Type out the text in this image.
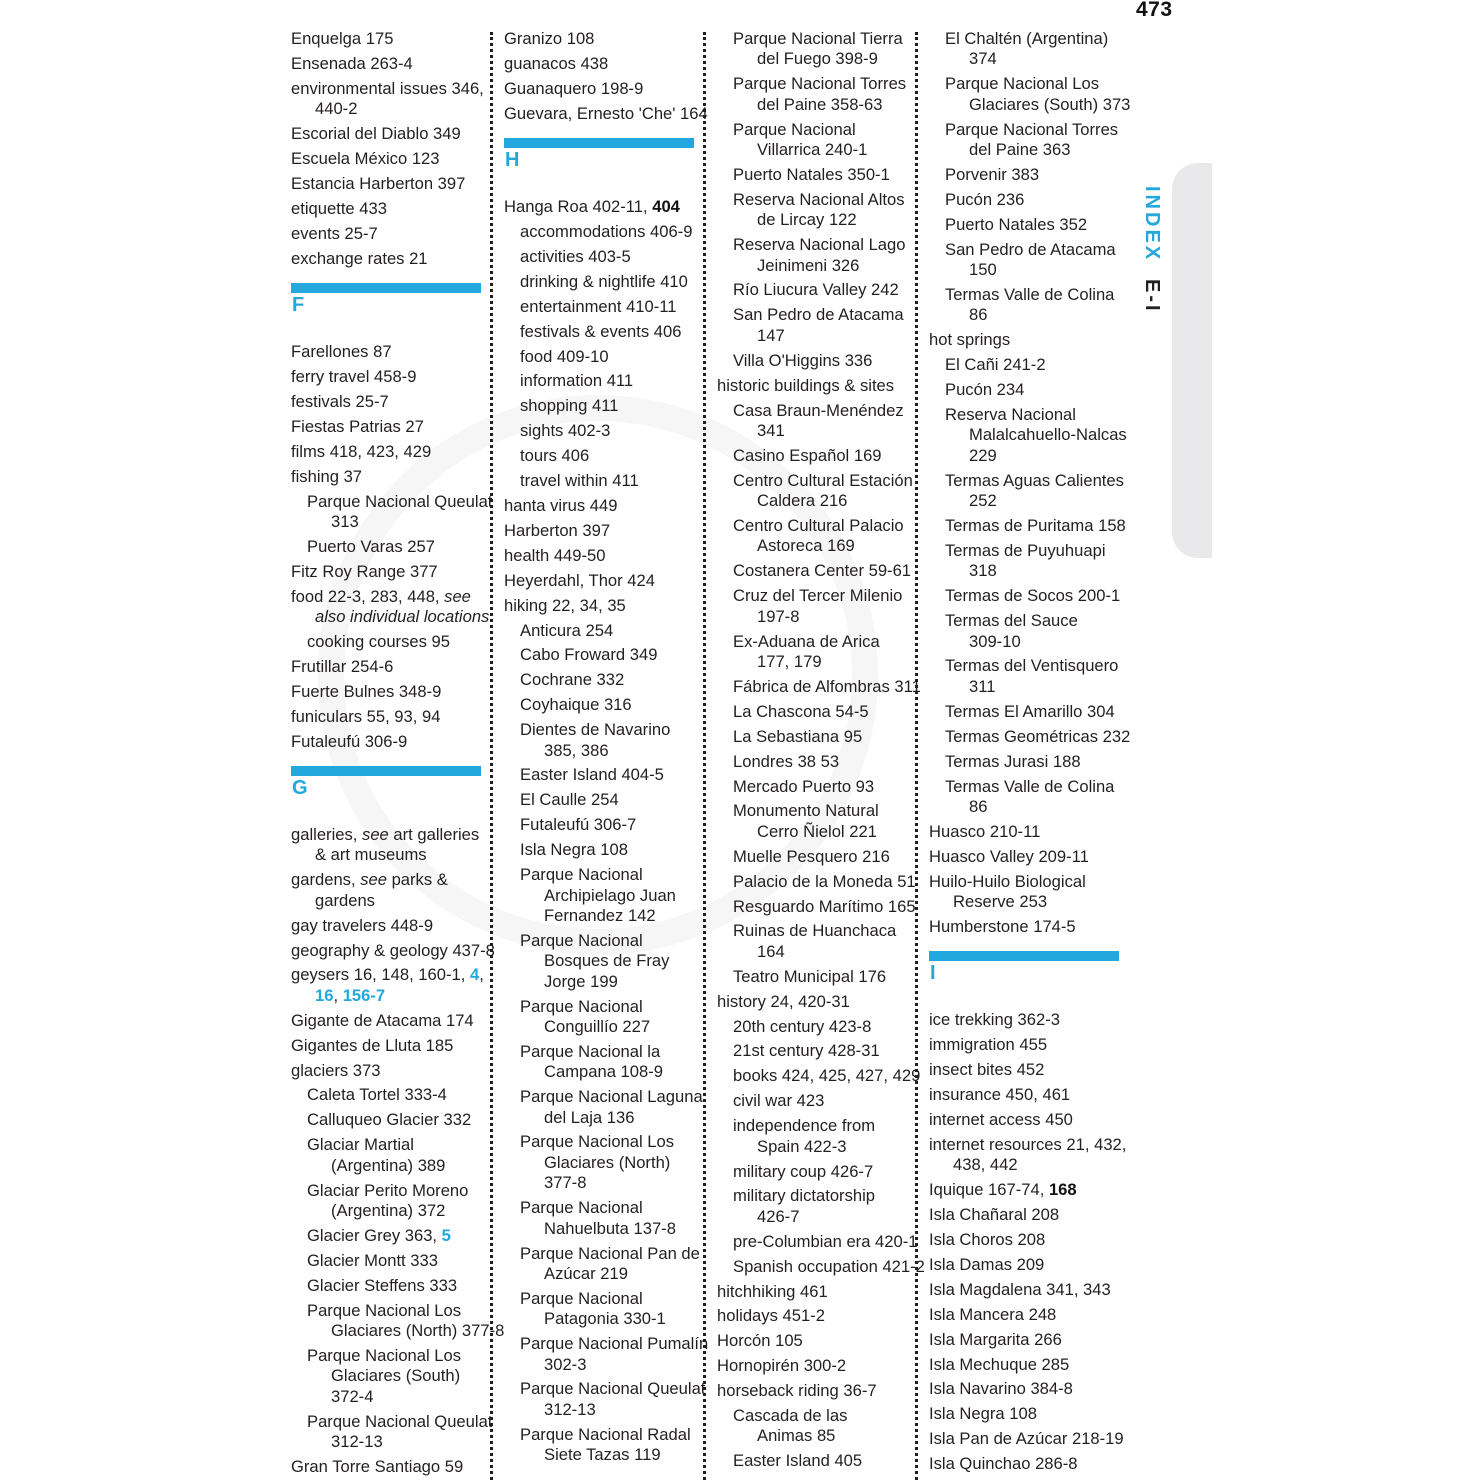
473
Enquelga 175
Ensenada 263-4
environmental issues 346,
440-2
Escorial del Diablo 349
Escuela México 123
Estancia Harberton 397
etiquette 433
events 25-7
exchange rates 21
F
Farellones 87
ferry travel 458-9
festivals 25-7
Fiestas Patrias 27
films 418, 423, 429
fishing 37
Parque Nacional Queulat
313
Puerto Varas 257
Fitz Roy Range 377
food 22-3, 283, 448, see
also individual locations
cooking courses 95
Frutillar 254-6
Fuerte Bulnes 348-9
funiculars 55, 93, 94
Futaleufú 306-9
G
galleries, see art galleries
& art museums
gardens, see parks &
gardens
gay travelers 448-9
geography & geology 437-8
geysers 16, 148, 160-1, 4,
16, 156-7
Gigante de Atacama 174
Gigantes de Lluta 185
glaciers 373
Caleta Tortel 333-4
Calluqueo Glacier 332
Glaciar Martial
(Argentina) 389
Glaciar Perito Moreno
(Argentina) 372
Glacier Grey 363, 5
Glacier Montt 333
Glacier Steffens 333
Parque Nacional Los
Glaciares (North) 377-8
Parque Nacional Los
Glaciares (South)
372-4
Parque Nacional Queulat
312-13
Gran Torre Santiago 59
Granizo 108
guanacos 438
Guanaquero 198-9
Guevara, Ernesto 'Che' 164
H
Hanga Roa 402-11, 404
accommodations 406-9
activities 403-5
drinking & nightlife 410
entertainment 410-11
festivals & events 406
food 409-10
information 411
shopping 411
sights 402-3
tours 406
travel within 411
hanta virus 449
Harberton 397
health 449-50
Heyerdahl, Thor 424
hiking 22, 34, 35
Anticura 254
Cabo Froward 349
Cochrane 332
Coyhaique 316
Dientes de Navarino
385, 386
Easter Island 404-5
El Caulle 254
Futaleufú 306-7
Isla Negra 108
Parque Nacional
Archipielago Juan
Fernandez 142
Parque Nacional
Bosques de Fray
Jorge 199
Parque Nacional
Conguillío 227
Parque Nacional la
Campana 108-9
Parque Nacional Laguna
del Laja 136
Parque Nacional Los
Glaciares (North)
377-8
Parque Nacional
Nahuelbuta 137-8
Parque Nacional Pan de
Azúcar 219
Parque Nacional
Patagonia 330-1
Parque Nacional Pumalín
302-3
Parque Nacional Queulat
312-13
Parque Nacional Radal
Siete Tazas 119
Parque Nacional Tierra
del Fuego 398-9
Parque Nacional Torres
del Paine 358-63
Parque Nacional
Villarrica 240-1
Puerto Natales 350-1
Reserva Nacional Altos
de Lircay 122
Reserva Nacional Lago
Jeinimeni 326
Río Liucura Valley 242
San Pedro de Atacama
147
Villa O'Higgins 336
historic buildings & sites
Casa Braun-Menéndez
341
Casino Español 169
Centro Cultural Estación
Caldera 216
Centro Cultural Palacio
Astoreca 169
Costanera Center 59-61
Cruz del Tercer Milenio
197-8
Ex-Aduana de Arica
177, 179
Fábrica de Alfombras 311
La Chascona 54-5
La Sebastiana 95
Londres 38 53
Mercado Puerto 93
Monumento Natural
Cerro Ñielol 221
Muelle Pesquero 216
Palacio de la Moneda 51
Resguardo Marítimo 165
Ruinas de Huanchaca
164
Teatro Municipal 176
history 24, 420-31
20th century 423-8
21st century 428-31
books 424, 425, 427, 429
civil war 423
independence from
Spain 422-3
military coup 426-7
military dictatorship
426-7
pre-Columbian era 420-1
Spanish occupation 421-2
hitchhiking 461
holidays 451-2
Horcón 105
Hornopirén 300-2
horseback riding 36-7
Cascada de las
Animas 85
Easter Island 405
El Chaltén (Argentina)
374
Parque Nacional Los
Glaciares (South) 373
Parque Nacional Torres
del Paine 363
Porvenir 383
Pucón 236
Puerto Natales 352
San Pedro de Atacama
150
Termas Valle de Colina
86
hot springs
El Cañi 241-2
Pucón 234
Reserva Nacional
Malalcahuello-Nalcas
229
Termas Aguas Calientes
252
Termas de Puritama 158
Termas de Puyuhuapi
318
Termas de Socos 200-1
Termas del Sauce
309-10
Termas del Ventisquero
311
Termas El Amarillo 304
Termas Geométricas 232
Termas Jurasi 188
Termas Valle de Colina
86
Huasco 210-11
Huasco Valley 209-11
Huilo-Huilo Biological
Reserve 253
Humberstone 174-5
I
ice trekking 362-3
immigration 455
insect bites 452
insurance 450, 461
internet access 450
internet resources 21, 432,
438, 442
Iquique 167-74, 168
Isla Chañaral 208
Isla Choros 208
Isla Damas 209
Isla Magdalena 341, 343
Isla Mancera 248
Isla Margarita 266
Isla Mechuque 285
Isla Navarino 384-8
Isla Negra 108
Isla Pan de Azúcar 218-19
Isla Quinchao 286-8
INDEX E-I
